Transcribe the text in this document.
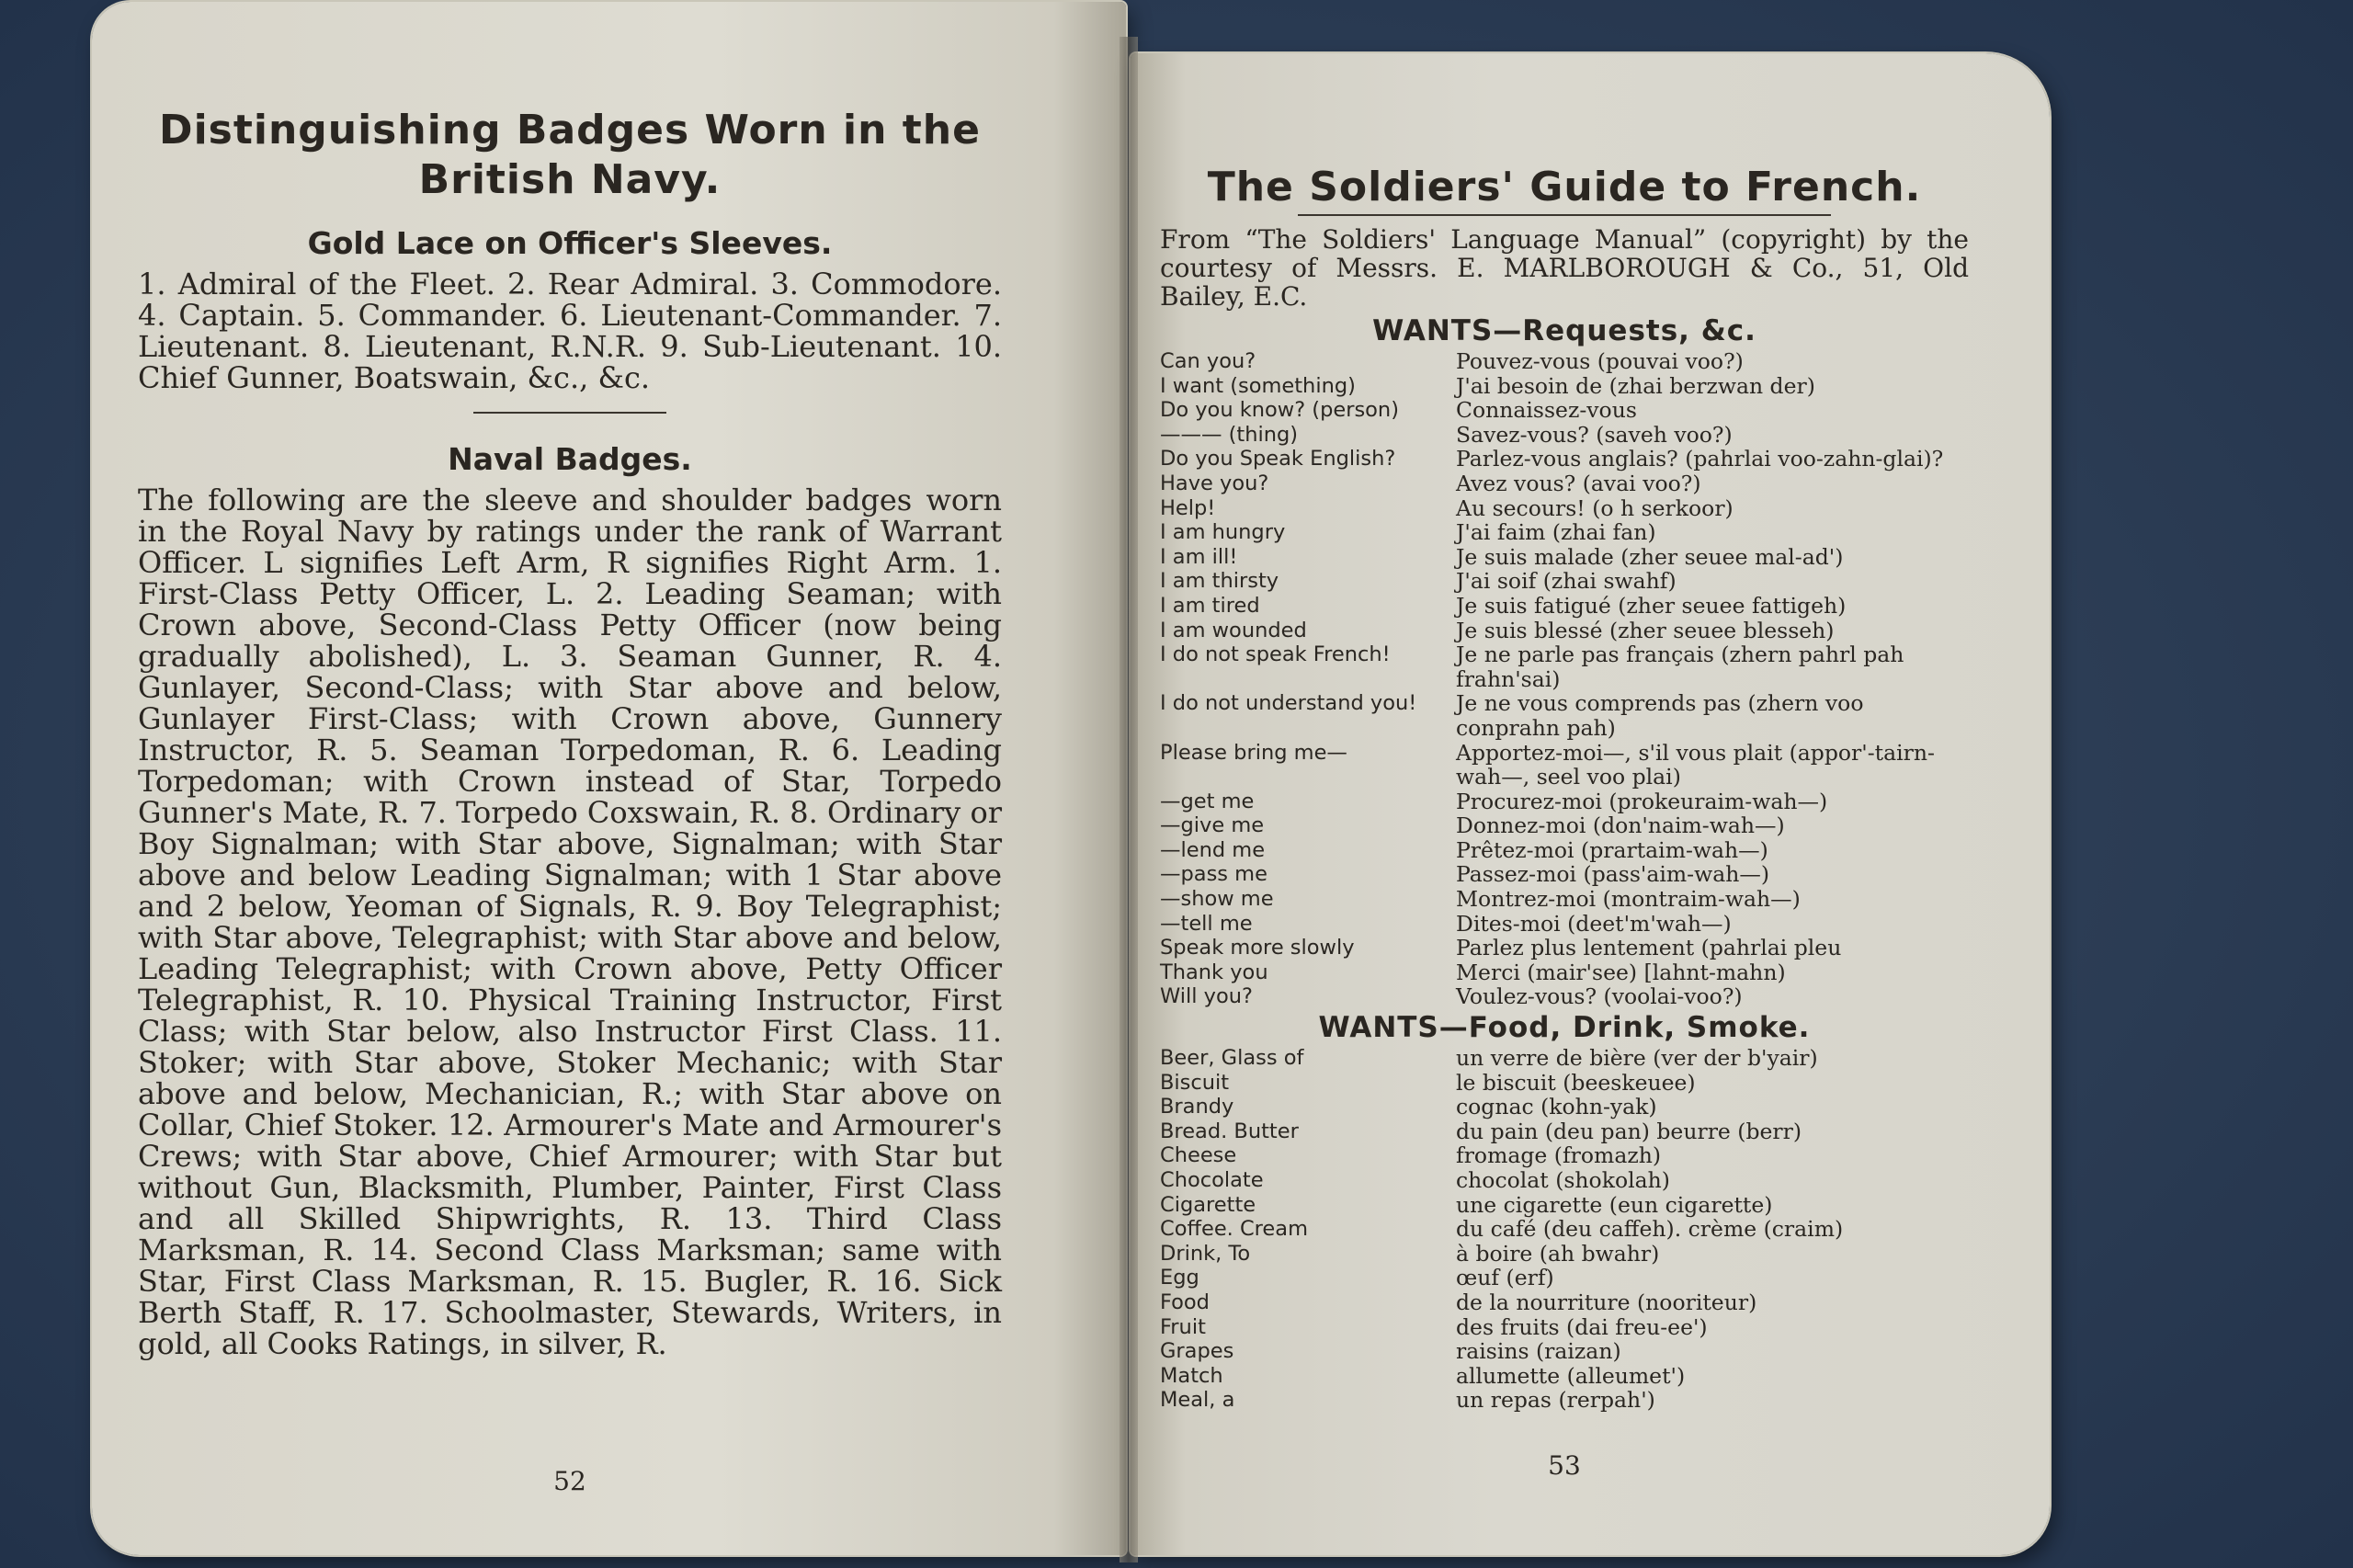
Distinguishing Badges Worn in the
British Navy.
Gold Lace on Officer's Sleeves.

1. Admiral of the Fleet. 2. Rear Admiral. 3. Commodore. 4. Captain. 5. Commander. 6. Lieutenant-Commander. 7. Lieutenant. 8. Lieutenant, R.N.R. 9. Sub-Lieutenant. 10. Chief Gunner, Boatswain, &c., &c.

Naval Badges.

The following are the sleeve and shoulder badges worn in the Royal Navy by ratings under the rank of Warrant Officer. L signifies Left Arm, R signifies Right Arm. 1. First-Class Petty Officer, L. 2. Leading Seaman; with Crown above, Second-Class Petty Officer (now being gradually abolished), L. 3. Seaman Gunner, R. 4. Gunlayer, Second-Class; with Star above and below, Gunlayer First-Class; with Crown above, Gunnery Instructor, R. 5. Seaman Torpedoman, R. 6. Leading Torpedoman; with Crown instead of Star, Torpedo Gunner's Mate, R. 7. Torpedo Coxswain, R. 8. Ordinary or Boy Signalman; with Star above, Signalman; with Star above and below Leading Signalman; with 1 Star above and 2 below, Yeoman of Signals, R. 9. Boy Telegraphist; with Star above, Telegraphist; with Star above and below, Leading Telegraphist; with Crown above, Petty Officer Telegraphist, R. 10. Physical Training Instructor, First Class; with Star below, also Instructor First Class. 11. Stoker; with Star above, Stoker Mechanic; with Star above and below, Mechanician, R.; with Star above on Collar, Chief Stoker. 12. Armourer's Mate and Armourer's Crews; with Star above, Chief Armourer; with Star but without Gun, Blacksmith, Plumber, Painter, First Class and all Skilled Shipwrights, R. 13. Third Class Marksman, R. 14. Second Class Marksman; same with Star, First Class Marksman, R. 15. Bugler, R. 16. Sick Berth Staff, R. 17. Schoolmaster, Stewards, Writers, in gold, all Cooks Ratings, in silver, R.

52
The Soldiers' Guide to French.

From “The Soldiers' Language Manual” (copyright) by the courtesy of Messrs. E. MARLBOROUGH & Co., 51, Old Bailey, E.C.

WANTS—Requests, &c.
Can you?	Pouvez-vous (pouvai voo?)
I want (something)	J'ai besoin de (zhai berzwan der)
Do you know? (person)	Connaissez-vous
——— (thing)	Savez-vous? (saveh voo?)
Do you Speak English?	Parlez-vous anglais? (pahrlai voo-zahn-glai)?
Have you?	Avez vous? (avai voo?)
Help!	Au secours! (o h serkoor)
I am hungry	J'ai faim (zhai fan)
I am ill!	Je suis malade (zher seuee mal-ad')
I am thirsty	J'ai soif (zhai swahf)
I am tired	Je suis fatigué (zher seuee fattigeh)
I am wounded	Je suis blessé (zher seuee blesseh)
I do not speak French!	Je ne parle pas français (zhern pahrl pah frahn'sai)
I do not understand you!	Je ne vous comprends pas (zhern voo conprahn pah)
Please bring me—	Apportez-moi—, s'il vous plait (appor'-tairn-wah—, seel voo plai)
—get me	Procurez-moi (prokeuraim-wah—)
—give me	Donnez-moi (don'naim-wah—)
—lend me	Prêtez-moi (prartaim-wah—)
—pass me	Passez-moi (pass'aim-wah—)
—show me	Montrez-moi (montraim-wah—)
—tell me	Dites-moi (deet'm'wah—)
Speak more slowly	Parlez plus lentement (pahrlai pleu
Thank you	Merci (mair'see) [lahnt-mahn)
Will you?	Voulez-vous? (voolai-voo?)
WANTS—Food, Drink, Smoke.
Beer, Glass of	un verre de bière (ver der b'yair)
Biscuit	le biscuit (beeskeuee)
Brandy	cognac (kohn-yak)
Bread. Butter	du pain (deu pan) beurre (berr)
Cheese	fromage (fromazh)
Chocolate	chocolat (shokolah)
Cigarette	une cigarette (eun cigarette)
Coffee. Cream	du café (deu caffeh). crème (craim)
Drink, To	à boire (ah bwahr)
Egg	œuf (erf)
Food	de la nourriture (nooriteur)
Fruit	des fruits (dai freu-ee')
Grapes	raisins (raizan)
Match	allumette (alleumet')
Meal, a	un repas (rerpah')
53
